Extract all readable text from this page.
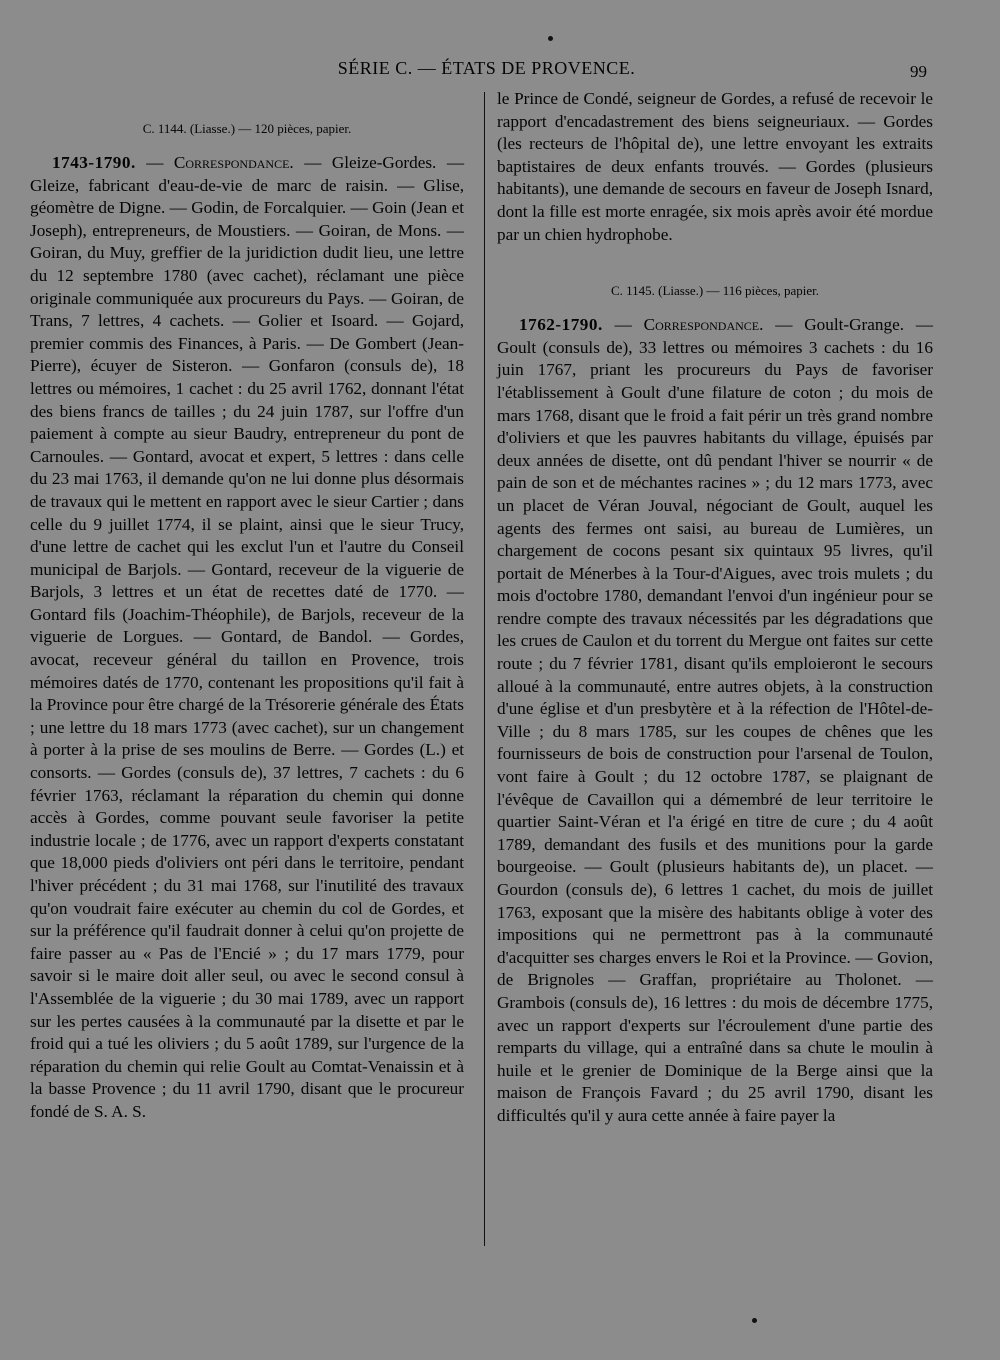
SÉRIE C. — ÉTATS DE PROVENCE.	99

C. 1144. (Liasse.) — 120 pièces, papier.

1743-1790. — Correspondance. — Gleize-Gordes. — Gleize, fabricant d'eau-de-vie de marc de raisin. — Glise, géomètre de Digne. — Godin, de Forcalquier. — Goin (Jean et Joseph), entrepreneurs, de Moustiers. — Goiran, de Mons. — Goiran, du Muy, greffier de la juridiction dudit lieu, une lettre du 12 septembre 1780 (avec cachet), réclamant une pièce originale communiquée aux procureurs du Pays. — Goiran, de Trans, 7 lettres, 4 cachets. — Golier et Isoard. — Gojard, premier commis des Finances, à Paris. — De Gombert (Jean-Pierre), écuyer de Sisteron. — Gonfaron (consuls de), 18 lettres ou mémoires, 1 cachet : du 25 avril 1762, donnant l'état des biens francs de tailles ; du 24 juin 1787, sur l'offre d'un paiement à compte au sieur Baudry, entrepreneur du pont de Carnoules. — Gontard, avocat et expert, 5 lettres : dans celle du 23 mai 1763, il demande qu'on ne lui donne plus désormais de travaux qui le mettent en rapport avec le sieur Cartier ; dans celle du 9 juillet 1774, il se plaint, ainsi que le sieur Trucy, d'une lettre de cachet qui les exclut l'un et l'autre du Conseil municipal de Barjols. — Gontard, receveur de la viguerie de Barjols, 3 lettres et un état de recettes daté de 1770. — Gontard fils (Joachim-Théophile), de Barjols, receveur de la viguerie de Lorgues. — Gontard, de Bandol. — Gordes, avocat, receveur général du taillon en Provence, trois mémoires datés de 1770, contenant les propositions qu'il fait à la Province pour être chargé de la Trésorerie générale des États ; une lettre du 18 mars 1773 (avec cachet), sur un changement à porter à la prise de ses moulins de Berre. — Gordes (L.) et consorts. — Gordes (consuls de), 37 lettres, 7 cachets : du 6 février 1763, réclamant la réparation du chemin qui donne accès à Gordes, comme pouvant seule favoriser la petite industrie locale ; de 1776, avec un rapport d'experts constatant que 18,000 pieds d'oliviers ont péri dans le territoire, pendant l'hiver précédent ; du 31 mai 1768, sur l'inutilité des travaux qu'on voudrait faire exécuter au chemin du col de Gordes, et sur la préférence qu'il faudrait donner à celui qu'on projette de faire passer au « Pas de l'Encié » ; du 17 mars 1779, pour savoir si le maire doit aller seul, ou avec le second consul à l'Assemblée de la viguerie ; du 30 mai 1789, avec un rapport sur les pertes causées à la communauté par la disette et par le froid qui a tué les oliviers ; du 5 août 1789, sur l'urgence de la réparation du chemin qui relie Goult au Comtat-Venaissin et à la basse Provence ; du 11 avril 1790, disant que le procureur fondé de S. A. S.

le Prince de Condé, seigneur de Gordes, a refusé de recevoir le rapport d'encadastrement des biens seigneuriaux. — Gordes (les recteurs de l'hôpital de), une lettre envoyant les extraits baptistaires de deux enfants trouvés. — Gordes (plusieurs habitants), une demande de secours en faveur de Joseph Isnard, dont la fille est morte enragée, six mois après avoir été mordue par un chien hydrophobe.

C. 1145. (Liasse.) — 116 pièces, papier.

1762-1790. — Correspondance. — Goult-Grange. — Goult (consuls de), 33 lettres ou mémoires 3 cachets : du 16 juin 1767, priant les procureurs du Pays de favoriser l'établissement à Goult d'une filature de coton ; du mois de mars 1768, disant que le froid a fait périr un très grand nombre d'oliviers et que les pauvres habitants du village, épuisés par deux années de disette, ont dû pendant l'hiver se nourrir « de pain de son et de méchantes racines » ; du 12 mars 1773, avec un placet de Véran Jouval, négociant de Goult, auquel les agents des fermes ont saisi, au bureau de Lumières, un chargement de cocons pesant six quintaux 95 livres, qu'il portait de Ménerbes à la Tour-d'Aigues, avec trois mulets ; du mois d'octobre 1780, demandant l'envoi d'un ingénieur pour se rendre compte des travaux nécessités par les dégradations que les crues de Caulon et du torrent du Mergue ont faites sur cette route ; du 7 février 1781, disant qu'ils emploieront le secours alloué à la communauté, entre autres objets, à la construction d'une église et d'un presbytère et à la réfection de l'Hôtel-de-Ville ; du 8 mars 1785, sur les coupes de chênes que les fournisseurs de bois de construction pour l'arsenal de Toulon, vont faire à Goult ; du 12 octobre 1787, se plaignant de l'évêque de Cavaillon qui a démembré de leur territoire le quartier Saint-Véran et l'a érigé en titre de cure ; du 4 août 1789, demandant des fusils et des munitions pour la garde bourgeoise. — Goult (plusieurs habitants de), un placet. — Gourdon (consuls de), 6 lettres 1 cachet, du mois de juillet 1763, exposant que la misère des habitants oblige à voter des impositions qui ne permettront pas à la communauté d'acquitter ses charges envers le Roi et la Province. — Govion, de Brignoles — Graffan, propriétaire au Tholonet. — Grambois (consuls de), 16 lettres : du mois de décembre 1775, avec un rapport d'experts sur l'écroulement d'une partie des remparts du village, qui a entraîné dans sa chute le moulin à huile et le grenier de Dominique de la Berge ainsi que la maison de François Favard ; du 25 avril 1790, disant les difficultés qu'il y aura cette année à faire payer la
